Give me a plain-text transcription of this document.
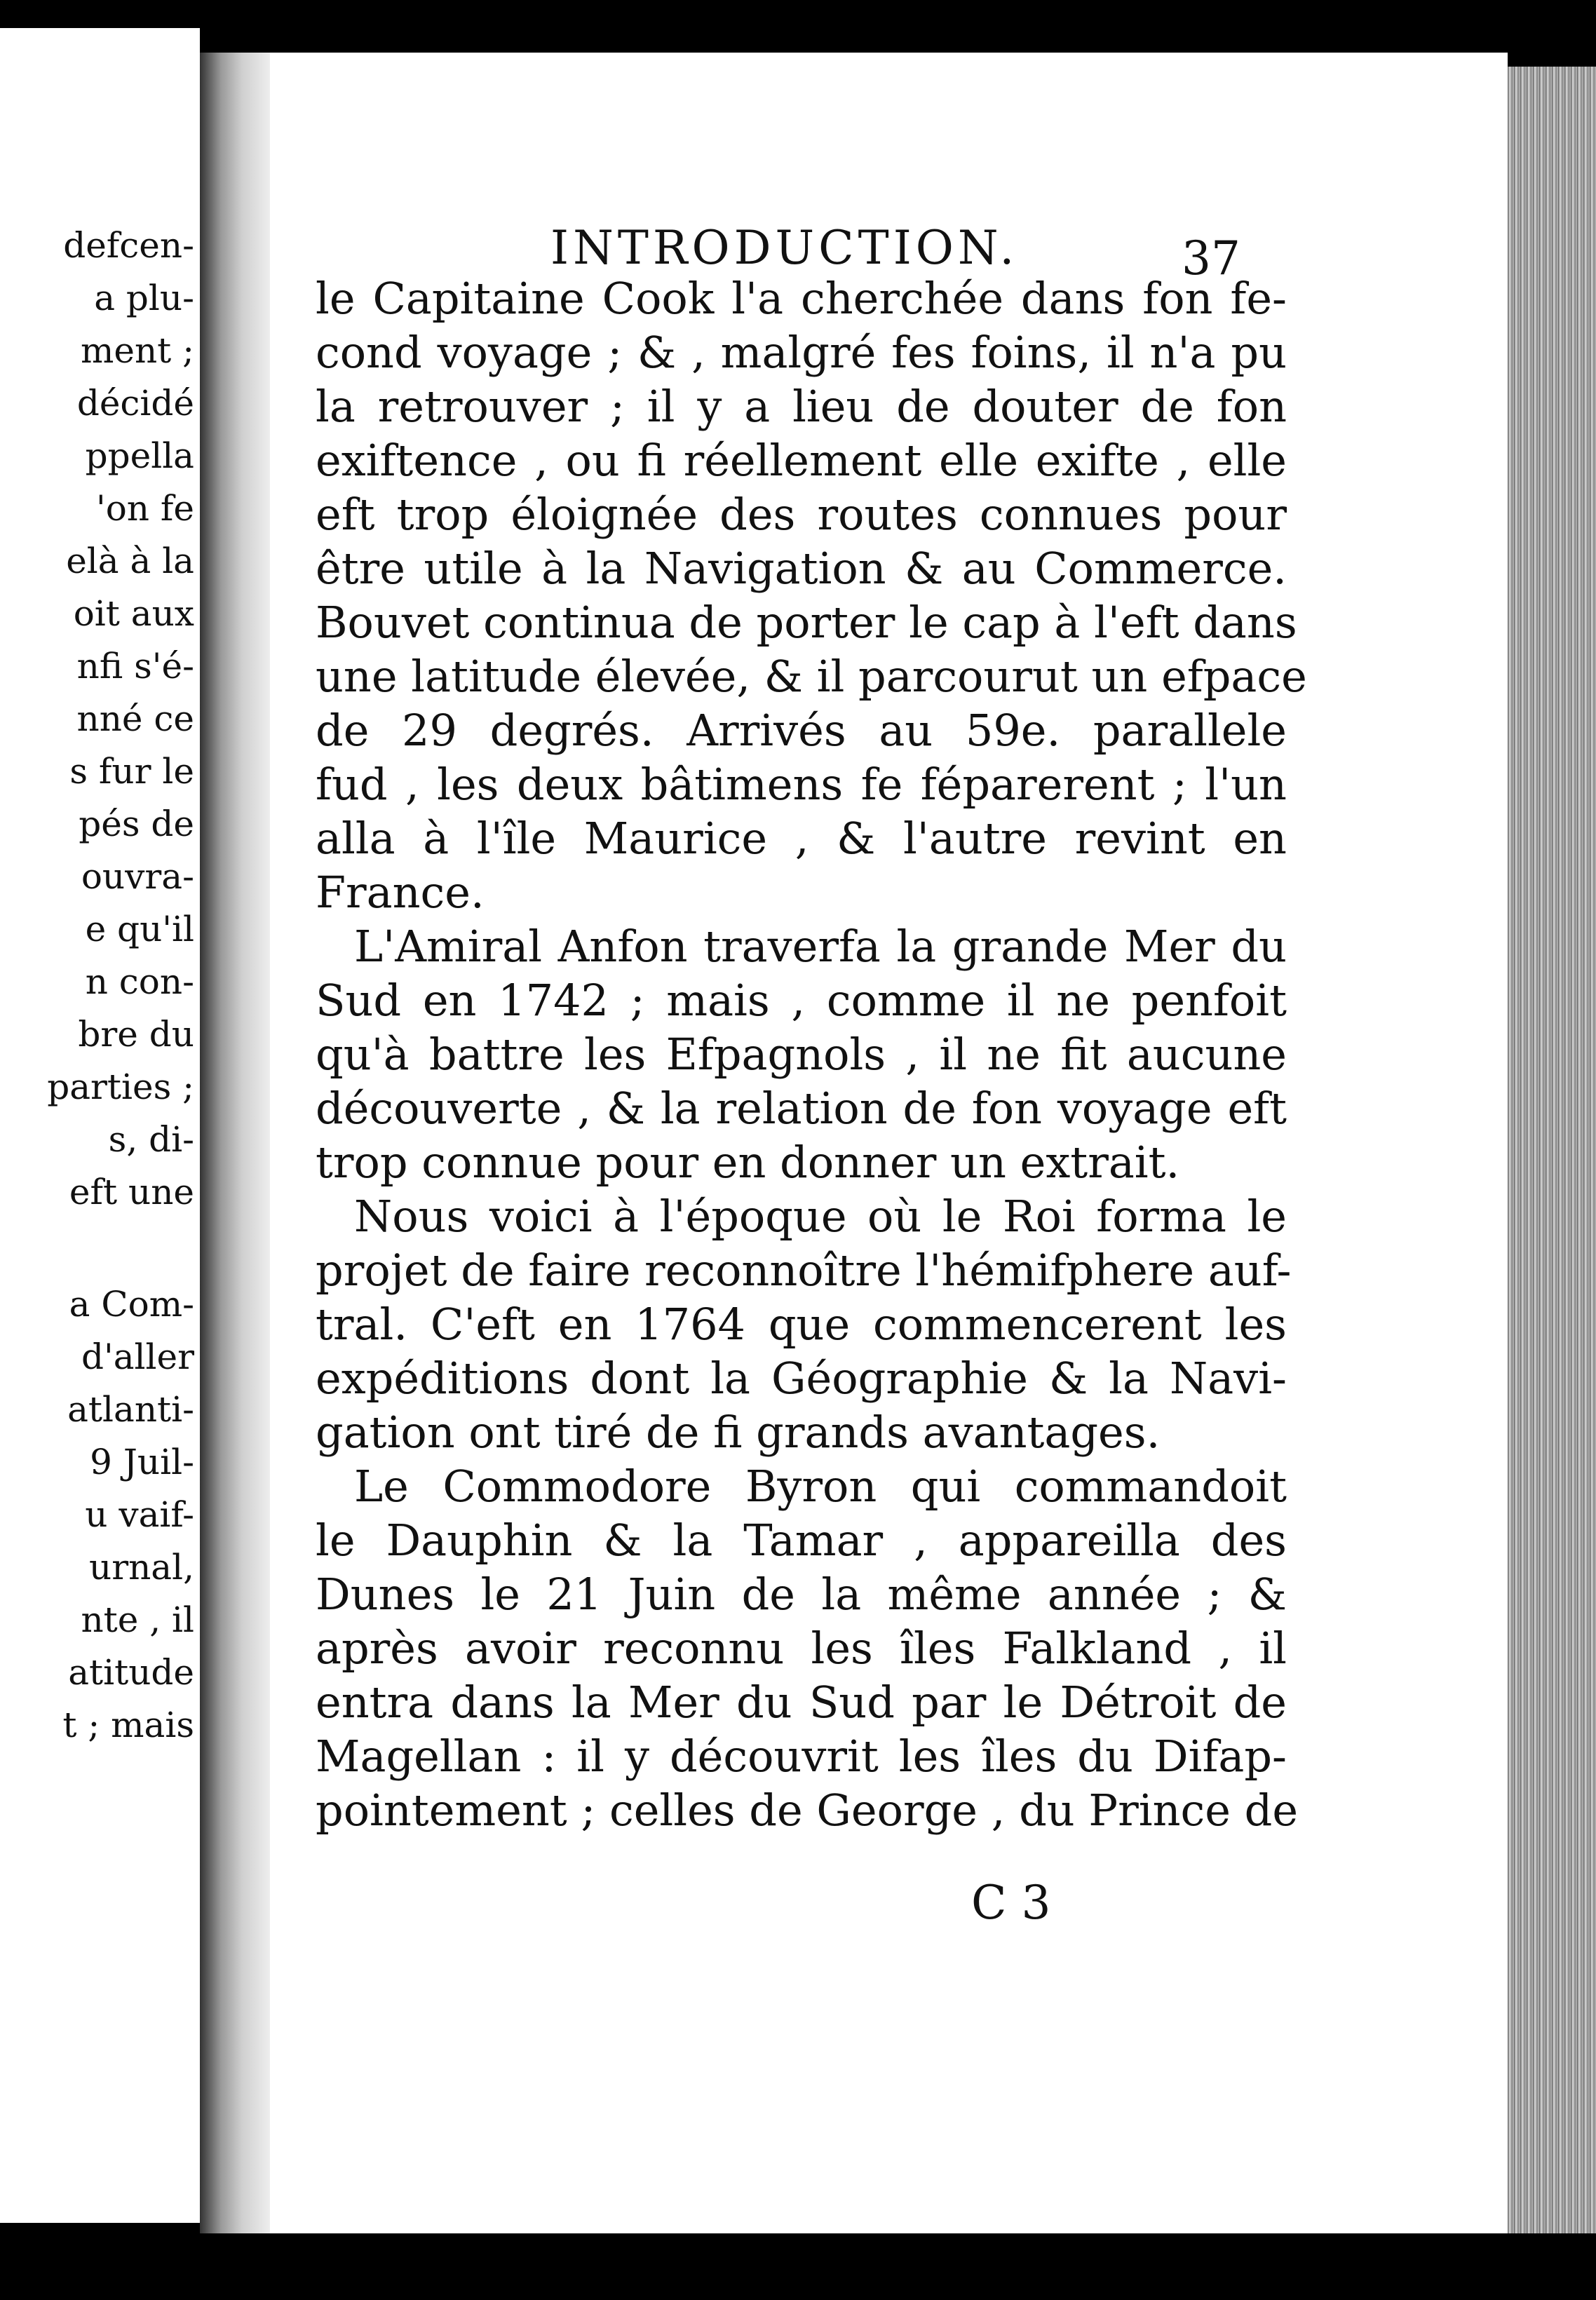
defcen-
a plu-
ment ;
décidé
ppella
'on fe
elà à la
oit aux
nfi s'é-
nné ce
s fur le
pés de
ouvra-
e qu'il
n con-
bre du
parties ;
s, di-
eft une
a Com-
d'aller
atlanti-
9 Juil-
u vaif-
urnal,
nte , il
atitude
t ; mais
INTRODUCTION.	37
le Capitaine Cook l'a cherchée dans fon fe-
cond voyage ; & , malgré fes foins, il n'a pu
la retrouver ; il y a lieu de douter de fon
exiftence , ou fi réellement elle exifte , elle
eft trop éloignée des routes connues pour
être utile à la Navigation & au Commerce.
Bouvet continua de porter le cap à l'eft dans
une latitude élevée, & il parcourut un efpace
de 29 degrés. Arrivés au 59e. parallele
fud , les deux bâtimens fe féparerent ; l'un
alla à l'île Maurice , & l'autre revint en
France.
L'Amiral Anfon traverfa la grande Mer du
Sud en 1742 ; mais , comme il ne penfoit
qu'à battre les Efpagnols , il ne fit aucune
découverte , & la relation de fon voyage eft
trop connue pour en donner un extrait.
Nous voici à l'époque où le Roi forma le
projet de faire reconnoître l'hémifphere auf-
tral. C'eft en 1764 que commencerent les
expéditions dont la Géographie & la Navi-
gation ont tiré de fi grands avantages.
Le Commodore Byron qui commandoit
le Dauphin & la Tamar , appareilla des
Dunes le 21 Juin de la même année ; &
après avoir reconnu les îles Falkland , il
entra dans la Mer du Sud par le Détroit de
Magellan : il y découvrit les îles du Difap-
pointement ; celles de George , du Prince de
C 3
